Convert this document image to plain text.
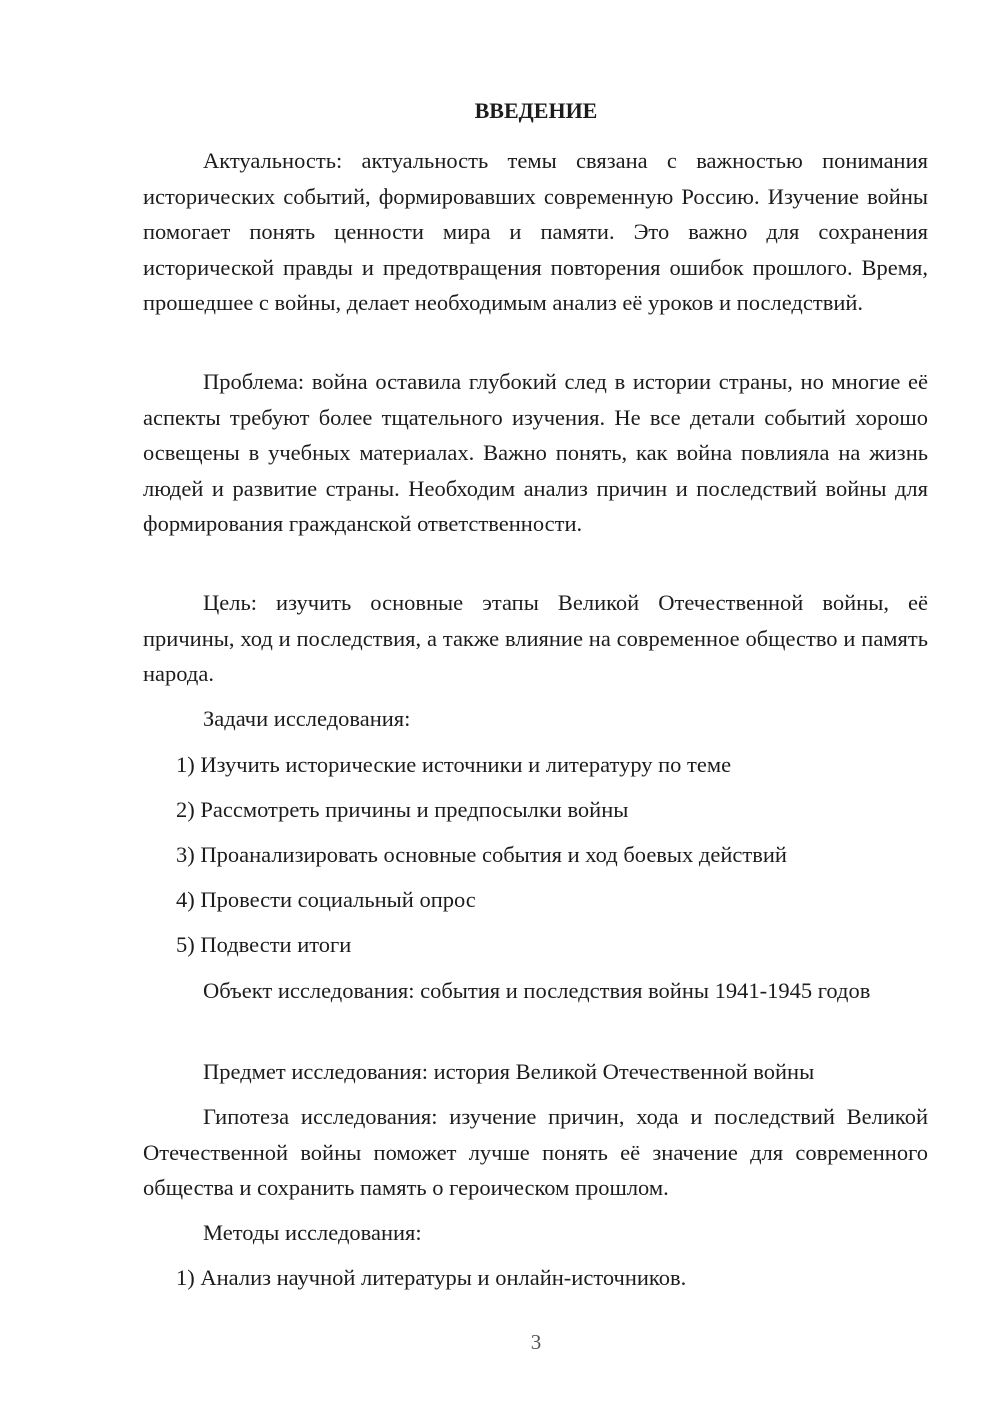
ВВЕДЕНИЕ

Актуальность: актуальность темы связана с важностью понимания исторических событий, формировавших современную Россию. Изучение войны помогает понять ценности мира и памяти. Это важно для сохранения исторической правды и предотвращения повторения ошибок прошлого. Время, прошедшее с войны, делает необходимым анализ её уроков и последствий.

Проблема: война оставила глубокий след в истории страны, но многие её аспекты требуют более тщательного изучения. Не все детали событий хорошо освещены в учебных материалах. Важно понять, как война повлияла на жизнь людей и развитие страны. Необходим анализ причин и последствий войны для формирования гражданской ответственности.

Цель: изучить основные этапы Великой Отечественной войны, её причины, ход и последствия, а также влияние на современное общество и память народа.

Задачи исследования:

1) Изучить исторические источники и литературу по теме
2) Рассмотреть причины и предпосылки войны
3) Проанализировать основные события и ход боевых действий
4) Провести социальный опрос
5) Подвести итоги

Объект исследования: события и последствия войны 1941-1945 годов

Предмет исследования: история Великой Отечественной войны

Гипотеза исследования: изучение причин, хода и последствий Великой Отечественной войны поможет лучше понять её значение для современного общества и сохранить память о героическом прошлом.

Методы исследования:

1) Анализ научной литературы и онлайн-источников.
3
